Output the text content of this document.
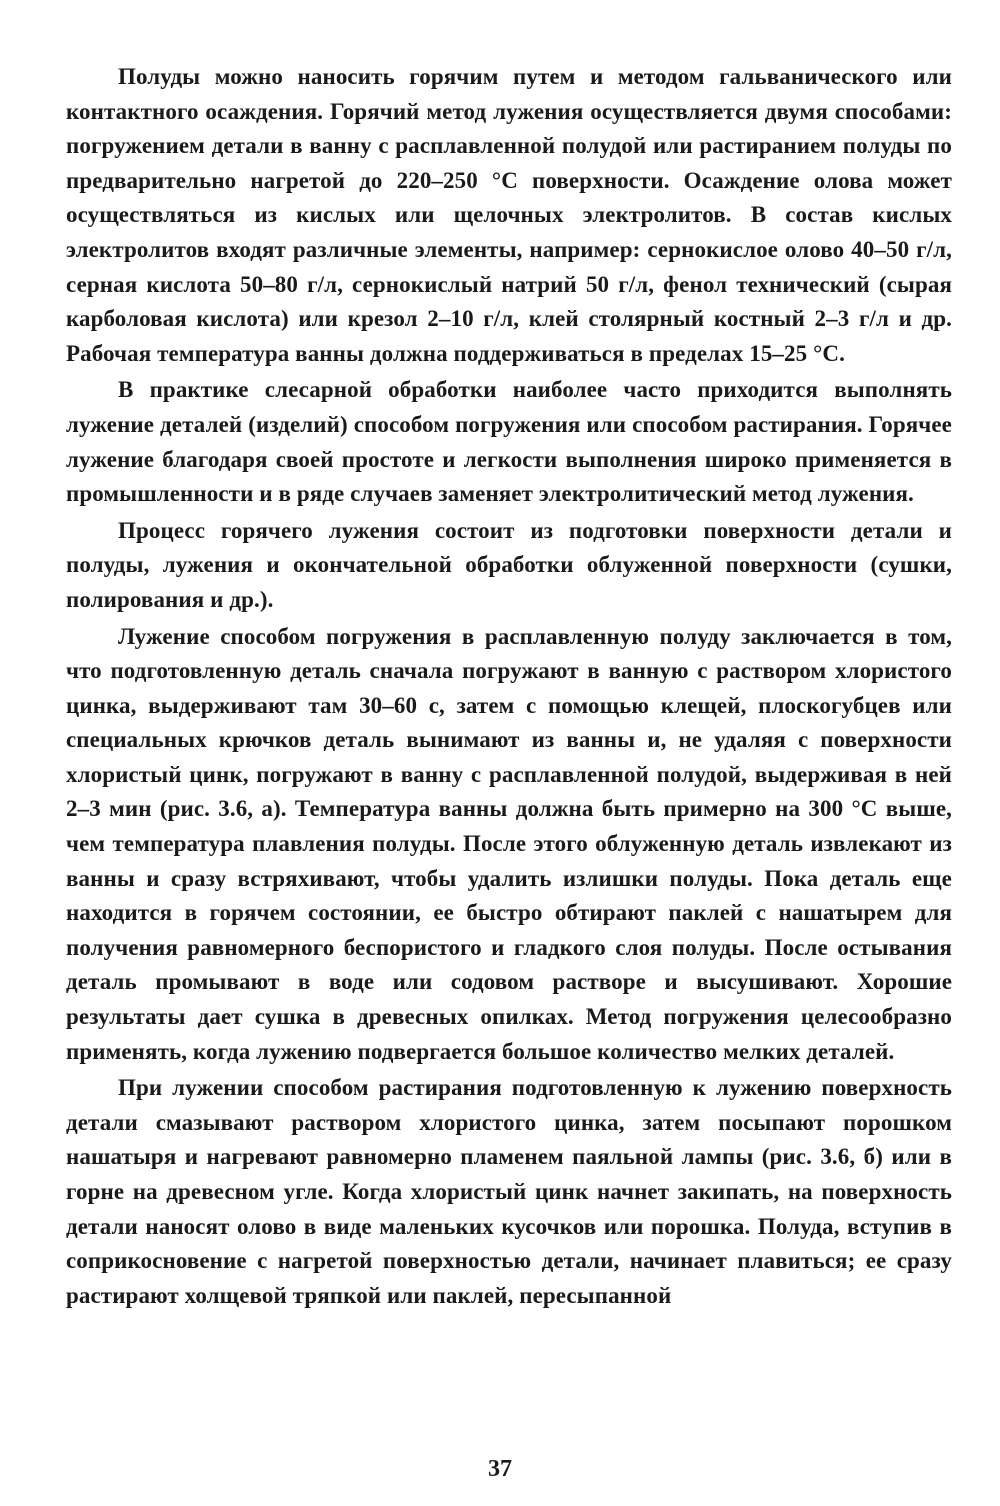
Полуды можно наносить горячим путем и методом гальванического или контактного осаждения. Горячий метод лужения осуществляется двумя способами: погружением детали в ванну с расплавленной полудой или растиранием полуды по предварительно нагретой до 220–250 °С поверхности. Осаждение олова может осуществляться из кислых или щелочных электролитов. В состав кислых электролитов входят различные элементы, например: сернокислое олово 40–50 г/л, серная кислота 50–80 г/л, сернокислый натрий 50 г/л, фенол технический (сырая карболовая кислота) или крезол 2–10 г/л, клей столярный костный 2–3 г/л и др. Рабочая температура ванны должна поддерживаться в пределах 15–25 °С.

В практике слесарной обработки наиболее часто приходится выполнять лужение деталей (изделий) способом погружения или способом растирания. Горячее лужение благодаря своей простоте и легкости выполнения широко применяется в промышленности и в ряде случаев заменяет электролитический метод лужения.

Процесс горячего лужения состоит из подготовки поверхности детали и полуды, лужения и окончательной обработки облуженной поверхности (сушки, полирования и др.).

Лужение способом погружения в расплавленную полуду заключается в том, что подготовленную деталь сначала погружают в ванную с раствором хлористого цинка, выдерживают там 30–60 с, затем с помощью клещей, плоскогубцев или специальных крючков деталь вынимают из ванны и, не удаляя с поверхности хлористый цинк, погружают в ванну с расплавленной полудой, выдерживая в ней 2–3 мин (рис. 3.6, а). Температура ванны должна быть примерно на 300 °С выше, чем температура плавления полуды. После этого облуженную деталь извлекают из ванны и сразу встряхивают, чтобы удалить излишки полуды. Пока деталь еще находится в горячем состоянии, ее быстро обтирают паклей с нашатырем для получения равномерного беспористого и гладкого слоя полуды. После остывания деталь промывают в воде или содовом растворе и высушивают. Хорошие результаты дает сушка в древесных опилках. Метод погружения целесообразно применять, когда лужению подвергается большое количество мелких деталей.

При лужении способом растирания подготовленную к лужению поверхность детали смазывают раствором хлористого цинка, затем посыпают порошком нашатыря и нагревают равномерно пламенем паяльной лампы (рис. 3.6, б) или в горне на древесном угле. Когда хлористый цинк начнет закипать, на поверхность детали наносят олово в виде маленьких кусочков или порошка. Полуда, вступив в соприкосновение с нагретой поверхностью детали, начинает плавиться; ее сразу растирают холщевой тряпкой или паклей, пересыпанной

37
